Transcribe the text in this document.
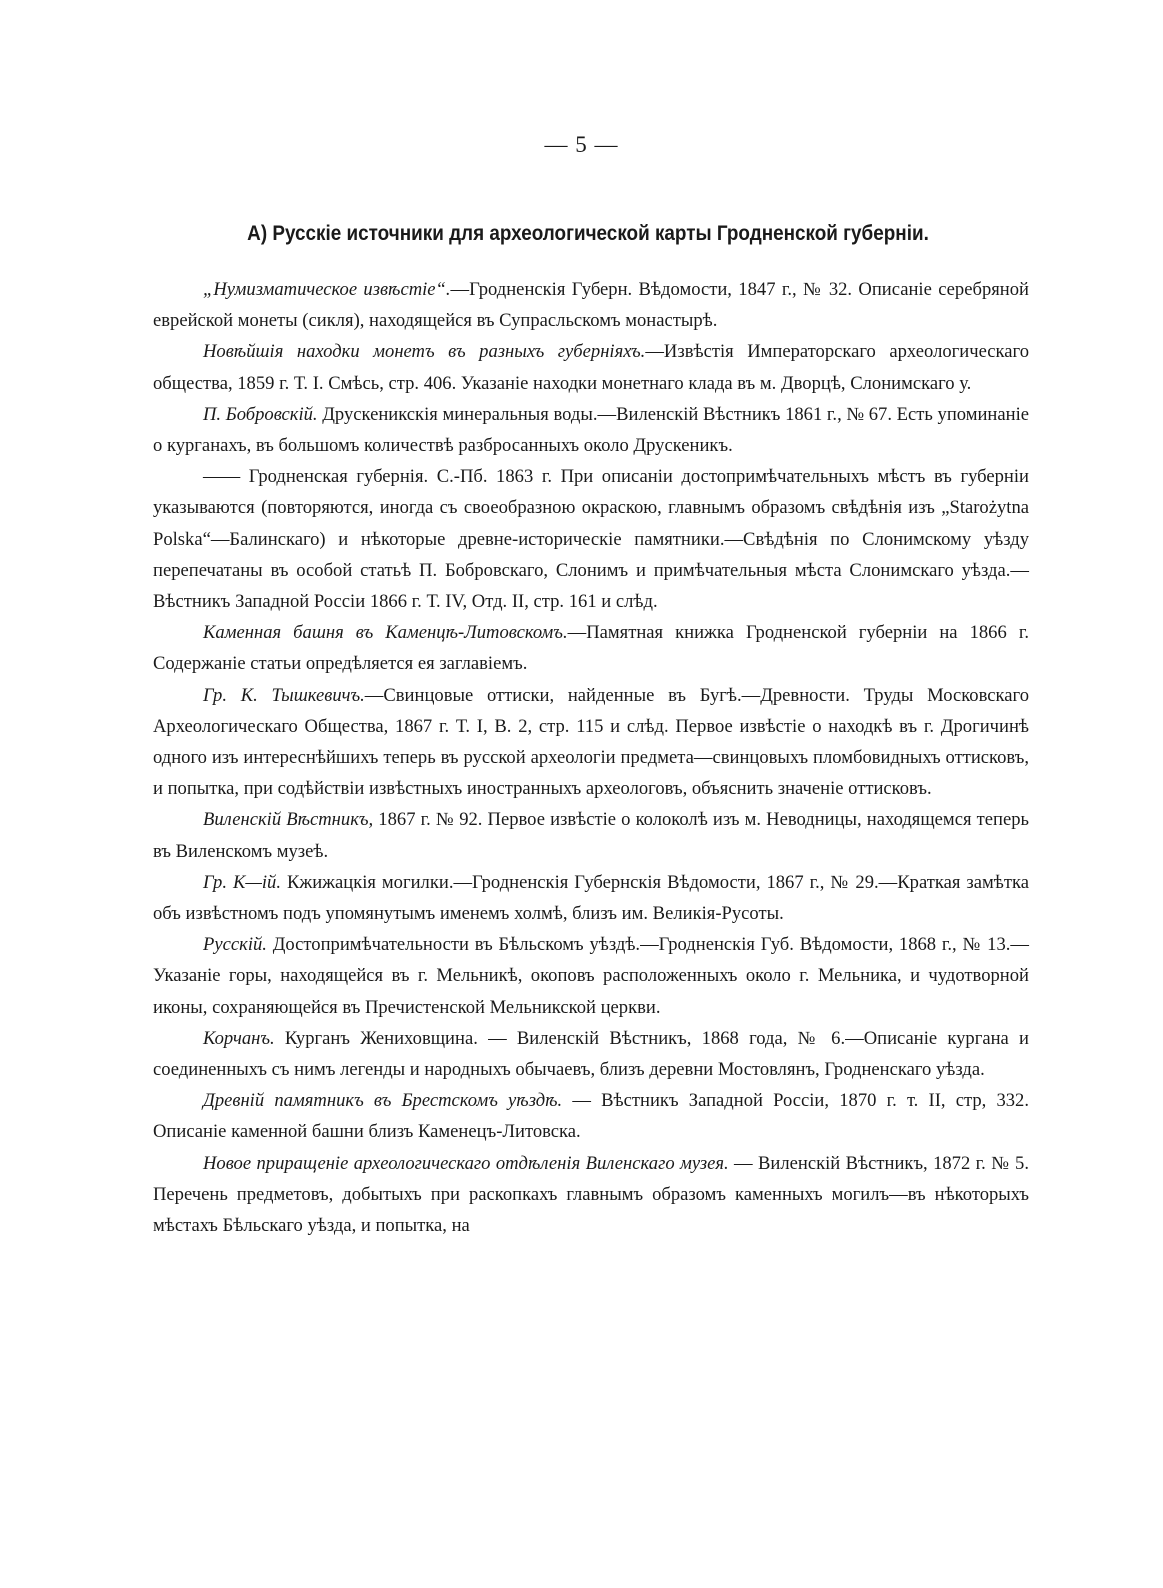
— 5 —
А) Русскіе источники для археологической карты Гродненской губерніи.

„Нумизматическое извѣстіе“.—Гродненскія Губерн. Вѣдомости, 1847 г., № 32. Описаніе серебряной еврейской монеты (сикля), находящейся въ Супрасльскомъ монастырѣ.

Новѣйшія находки монетъ въ разныхъ губерніяхъ.—Извѣстія Императорскаго археологическаго общества, 1859 г. Т. I. Смѣсь, стр. 406. Указаніе находки монетнаго клада въ м. Дворцѣ, Слонимскаго у.

П. Бобровскій. Друскеникскія минеральныя воды.—Виленскій Вѣстникъ 1861 г., № 67. Есть упоминаніе о курганахъ, въ большомъ количествѣ разбросанныхъ около Друскеникъ.

—— Гродненская губернія. С.-Пб. 1863 г. При описаніи достопримѣчательныхъ мѣстъ въ губерніи указываются (повторяются, иногда съ своеобразною окраскою, главнымъ образомъ свѣдѣнія изъ „Starożytna Polska“—Балинскаго) и нѣкоторые древне-историческіе памятники.—Свѣдѣнія по Слонимскому уѣзду перепечатаны въ особой статьѣ П. Бобровскаго, Слонимъ и примѣчательныя мѣста Слонимскаго уѣзда.—Вѣстникъ Западной Россіи 1866 г. Т. IV, Отд. II, стр. 161 и слѣд.

Каменная башня въ Каменцѣ-Литовскомъ.—Памятная книжка Гродненской губерніи на 1866 г. Содержаніе статьи опредѣляется ея заглавіемъ.

Гр. К. Тышкевичъ.—Свинцовые оттиски, найденные въ Бугѣ.—Древности. Труды Московскаго Археологическаго Общества, 1867 г. Т. I, В. 2, стр. 115 и слѣд. Первое извѣстіе о находкѣ въ г. Дрогичинѣ одного изъ интереснѣйшихъ теперь въ русской археологіи предмета—свинцовыхъ пломбовидныхъ оттисковъ, и попытка, при содѣйствіи извѣстныхъ иностранныхъ археологовъ, объяснить значеніе оттисковъ.

Виленскій Вѣстникъ, 1867 г. № 92. Первое извѣстіе о колоколѣ изъ м. Неводницы, находящемся теперь въ Виленскомъ музеѣ.

Гр. К—ій. Кжижацкія могилки.—Гродненскія Губернскія Вѣдомости, 1867 г., № 29.—Краткая замѣтка объ извѣстномъ подъ упомянутымъ именемъ холмѣ, близъ им. Великія-Русоты.

Русскій. Достопримѣчательности въ Бѣльскомъ уѣздѣ.—Гродненскія Губ. Вѣдомости, 1868 г., № 13.—Указаніе горы, находящейся въ г. Мельникѣ, окоповъ расположенныхъ около г. Мельника, и чудотворной иконы, сохраняющейся въ Пречистенской Мельникской церкви.

Корчанъ. Курганъ Жениховщина. — Виленскій Вѣстникъ, 1868 года, № 6.—Описаніе кургана и соединенныхъ съ нимъ легенды и народныхъ обычаевъ, близъ деревни Мостовлянъ, Гродненскаго уѣзда.

Древній памятникъ въ Брестскомъ уѣздѣ. — Вѣстникъ Западной Россіи, 1870 г. т. II, стр, 332. Описаніе каменной башни близъ Каменецъ-Литовска.

Новое приращеніе археологическаго отдѣленія Виленскаго музея. — Виленскій Вѣстникъ, 1872 г. № 5. Перечень предметовъ, добытыхъ при раскопкахъ главнымъ образомъ каменныхъ могилъ—въ нѣкоторыхъ мѣстахъ Бѣльскаго уѣзда, и попытка, на
